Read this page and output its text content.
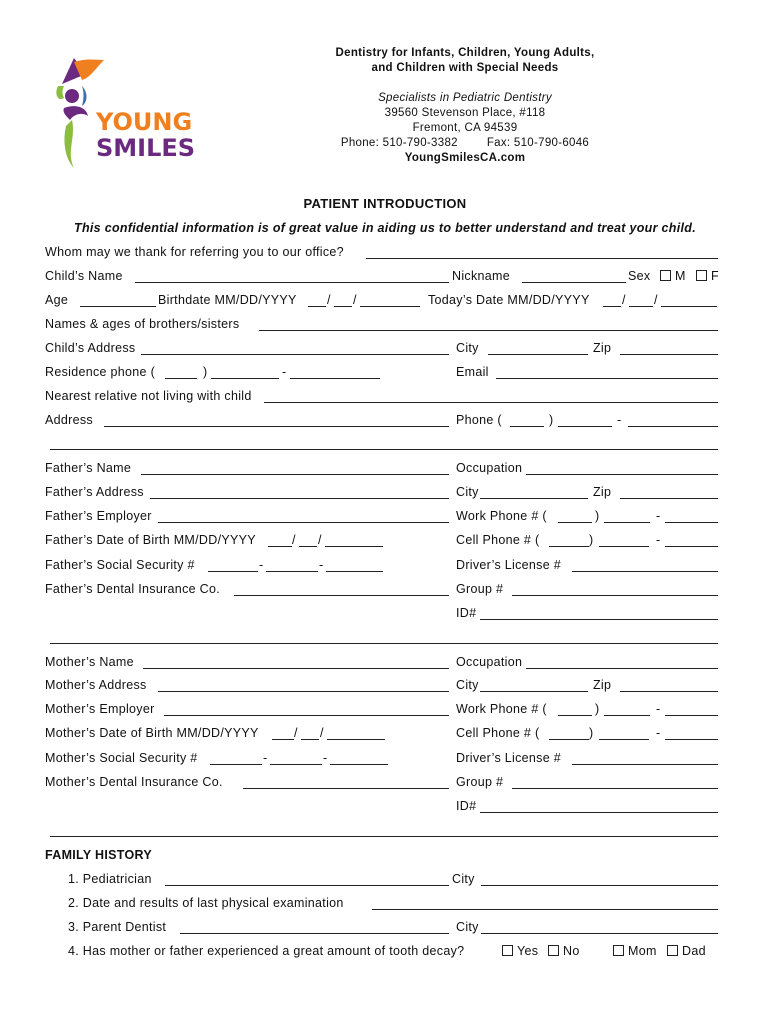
YOUNG
SMILES
Dentistry for Infants, Children, Young Adults,
and Children with Special Needs
Specialists in Pediatric Dentistry
39560 Stevenson Place, #118
Fremont, CA 94539
Phone: 510-790-3382	Fax: 510-790-6046
YoungSmilesCA.com
PATIENT INTRODUCTION
This confidential information is of great value in aiding us to better understand and treat your child.
Whom may we thank for referring you to our office?
Child’s Name	Nickname	Sex	M	F
Age	Birthdate MM/DD/YYYY / /	Today’s Date MM/DD/YYYY	/ /
Names & ages of brothers/sisters
Child’s Address	City	Zip
Residence phone (	)	-	Email
Nearest relative not living with child
Address	Phone (	)	-
Father’s Name	Occupation
Father’s Address	City	Zip
Father’s Employer	Work Phone # (	)	-
Father’s Date of Birth MM/DD/YYYY	/ /	Cell Phone # (	)	-
Father’s Social Security #	-	-	Driver’s License #
Father’s Dental Insurance Co.	Group #
ID#
Mother’s Name	Occupation
Mother’s Address	City	Zip
Mother’s Employer	Work Phone # (	)	-
Mother’s Date of Birth MM/DD/YYYY	/ /	Cell Phone # (	)	-
Mother’s Social Security #	-	-	Driver’s License #
Mother’s Dental Insurance Co.	Group #
ID#
FAMILY HISTORY
1. Pediatrician	City
2. Date and results of last physical examination
3. Parent Dentist	City
4. Has mother or father experienced a great amount of tooth decay?	Yes	No	Mom	Dad
